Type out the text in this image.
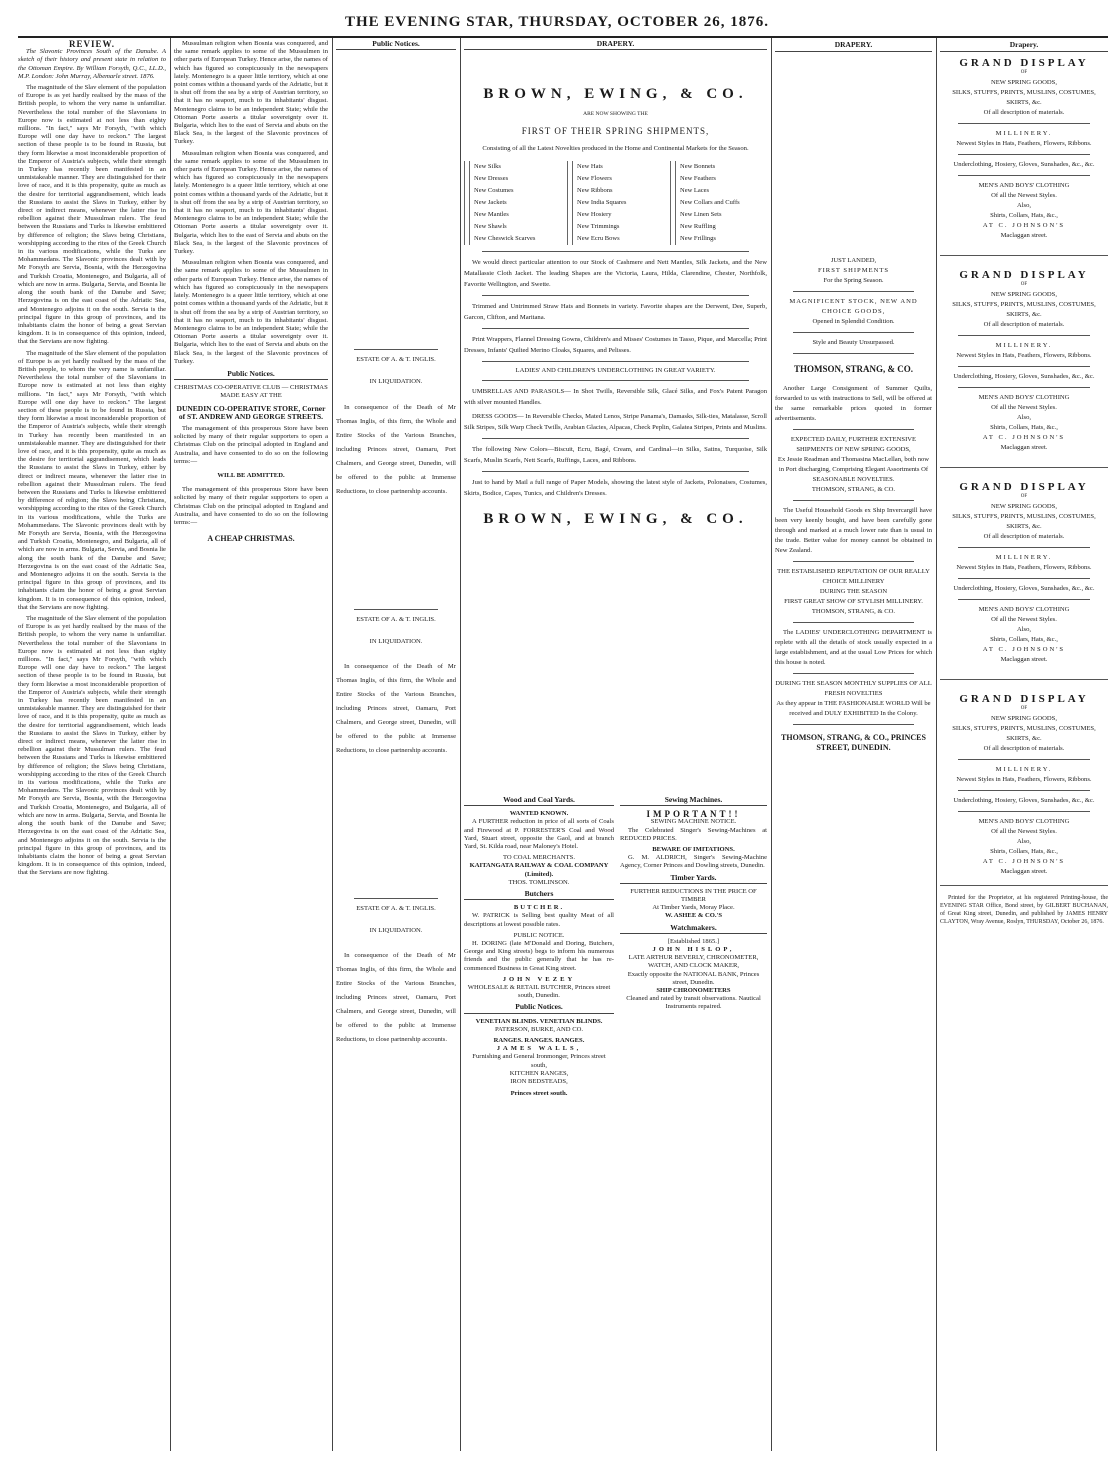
THE EVENING STAR, THURSDAY, OCTOBER 26, 1876.
REVIEW.

The Slavonic Provinces South of the Danube. A sketch of their history and present state in relation to the Ottoman Empire. By William Forsyth, Q.C., LL.D., M.P. London: John Murray, Albemarle street. 1876.

The magnitude of the Slav element of the population of Europe is as yet hardly realised by the mass of the British people, to whom the very name is unfamiliar. Nevertheless the total number of the Slavonians in Europe now is estimated at not less than eighty millions. "In fact," says Mr Forsyth, "with which Europe will one day have to reckon." The largest section of these people is to be found in Russia, but they form likewise a most inconsiderable proportion of the Emperor of Austria's subjects, while their strength in Turkey has recently been manifested in an unmistakeable manner. They are distinguished for their love of race, and it is this propensity, quite as much as the desire for territorial aggrandisement, which leads the Russians to assist the Slavs in Turkey, either by direct or indirect means, whenever the latter rise in rebellion against their Mussulman rulers. The feud between the Russians and Turks is likewise embittered by difference of religion; the Slavs being Christians, worshipping according to the rites of the Greek Church in its various modifications, while the Turks are Mohammedans. The Slavonic provinces dealt with by Mr Forsyth are Servia, Bosnia, with the Herzegovina and Turkish Croatia, Montenegro, and Bulgaria, all of which are now in arms. Bulgaria, Servia, and Bosnia lie along the south bank of the Danube and Save; Herzegovina is on the east coast of the Adriatic Sea, and Montenegro adjoins it on the south. Servia is the principal figure in this group of provinces, and its inhabitants claim the honor of being a great Servian kingdom. It is in consequence of this opinion, indeed, that the Servians are now fighting.

The magnitude of the Slav element of the population of Europe is as yet hardly realised by the mass of the British people, to whom the very name is unfamiliar. Nevertheless the total number of the Slavonians in Europe now is estimated at not less than eighty millions. "In fact," says Mr Forsyth, "with which Europe will one day have to reckon." The largest section of these people is to be found in Russia, but they form likewise a most inconsiderable proportion of the Emperor of Austria's subjects, while their strength in Turkey has recently been manifested in an unmistakeable manner. They are distinguished for their love of race, and it is this propensity, quite as much as the desire for territorial aggrandisement, which leads the Russians to assist the Slavs in Turkey, either by direct or indirect means, whenever the latter rise in rebellion against their Mussulman rulers. The feud between the Russians and Turks is likewise embittered by difference of religion; the Slavs being Christians, worshipping according to the rites of the Greek Church in its various modifications, while the Turks are Mohammedans. The Slavonic provinces dealt with by Mr Forsyth are Servia, Bosnia, with the Herzegovina and Turkish Croatia, Montenegro, and Bulgaria, all of which are now in arms. Bulgaria, Servia, and Bosnia lie along the south bank of the Danube and Save; Herzegovina is on the east coast of the Adriatic Sea, and Montenegro adjoins it on the south. Servia is the principal figure in this group of provinces, and its inhabitants claim the honor of being a great Servian kingdom. It is in consequence of this opinion, indeed, that the Servians are now fighting.

The magnitude of the Slav element of the population of Europe is as yet hardly realised by the mass of the British people, to whom the very name is unfamiliar. Nevertheless the total number of the Slavonians in Europe now is estimated at not less than eighty millions. "In fact," says Mr Forsyth, "with which Europe will one day have to reckon." The largest section of these people is to be found in Russia, but they form likewise a most inconsiderable proportion of the Emperor of Austria's subjects, while their strength in Turkey has recently been manifested in an unmistakeable manner. They are distinguished for their love of race, and it is this propensity, quite as much as the desire for territorial aggrandisement, which leads the Russians to assist the Slavs in Turkey, either by direct or indirect means, whenever the latter rise in rebellion against their Mussulman rulers. The feud between the Russians and Turks is likewise embittered by difference of religion; the Slavs being Christians, worshipping according to the rites of the Greek Church in its various modifications, while the Turks are Mohammedans. The Slavonic provinces dealt with by Mr Forsyth are Servia, Bosnia, with the Herzegovina and Turkish Croatia, Montenegro, and Bulgaria, all of which are now in arms. Bulgaria, Servia, and Bosnia lie along the south bank of the Danube and Save; Herzegovina is on the east coast of the Adriatic Sea, and Montenegro adjoins it on the south. Servia is the principal figure in this group of provinces, and its inhabitants claim the honor of being a great Servian kingdom. It is in consequence of this opinion, indeed, that the Servians are now fighting.

Mussulman religion when Bosnia was conquered, and the same remark applies to some of the Mussulmen in other parts of European Turkey. Hence arise, the names of which has figured so conspicuously in the newspapers lately. Montenegro is a queer little territory, which at one point comes within a thousand yards of the Adriatic, but it is shut off from the sea by a strip of Austrian territory, so that it has no seaport, much to its inhabitants' disgust. Montenegro claims to be an independent State; while the Ottoman Porte asserts a titular sovereignty over it. Bulgaria, which lies to the east of Servia and abuts on the Black Sea, is the largest of the Slavonic provinces of Turkey.

Mussulman religion when Bosnia was conquered, and the same remark applies to some of the Mussulmen in other parts of European Turkey. Hence arise, the names of which has figured so conspicuously in the newspapers lately. Montenegro is a queer little territory, which at one point comes within a thousand yards of the Adriatic, but it is shut off from the sea by a strip of Austrian territory, so that it has no seaport, much to its inhabitants' disgust. Montenegro claims to be an independent State; while the Ottoman Porte asserts a titular sovereignty over it. Bulgaria, which lies to the east of Servia and abuts on the Black Sea, is the largest of the Slavonic provinces of Turkey.

Mussulman religion when Bosnia was conquered, and the same remark applies to some of the Mussulmen in other parts of European Turkey. Hence arise, the names of which has figured so conspicuously in the newspapers lately. Montenegro is a queer little territory, which at one point comes within a thousand yards of the Adriatic, but it is shut off from the sea by a strip of Austrian territory, so that it has no seaport, much to its inhabitants' disgust. Montenegro claims to be an independent State; while the Ottoman Porte asserts a titular sovereignty over it. Bulgaria, which lies to the east of Servia and abuts on the Black Sea, is the largest of the Slavonic provinces of Turkey.

Public Notices.
CHRISTMAS CO-OPERATIVE CLUB — CHRISTMAS MADE EASY AT THE
DUNEDIN CO-OPERATIVE STORE, Corner of ST. ANDREW AND GEORGE STREETS.

The management of this prosperous Store have been solicited by many of their regular supporters to open a Christmas Club on the principal adopted in England and Australia, and have consented to do so on the following terms:—

WILL BE ADMITTED.

The management of this prosperous Store have been solicited by many of their regular supporters to open a Christmas Club on the principal adopted in England and Australia, and have consented to do so on the following terms:—

A CHEAP CHRISTMAS.
Public Notices.
ESTATE OF A. & T. INGLIS.
IN LIQUIDATION.

In consequence of the Death of Mr Thomas Inglis, of this firm, the Whole and Entire Stocks of the Various Branches, including Princes street, Oamaru, Port Chalmers, and George street, Dunedin, will be offered to the public at Immense Reductions, to close partnership accounts.

ESTATE OF A. & T. INGLIS.
IN LIQUIDATION.

In consequence of the Death of Mr Thomas Inglis, of this firm, the Whole and Entire Stocks of the Various Branches, including Princes street, Oamaru, Port Chalmers, and George street, Dunedin, will be offered to the public at Immense Reductions, to close partnership accounts.

ESTATE OF A. & T. INGLIS.
IN LIQUIDATION.

In consequence of the Death of Mr Thomas Inglis, of this firm, the Whole and Entire Stocks of the Various Branches, including Princes street, Oamaru, Port Chalmers, and George street, Dunedin, will be offered to the public at Immense Reductions, to close partnership accounts.

DRAPERY.
BROWN, EWING, & CO.
ARE NOW SHOWING THE
FIRST OF THEIR SPRING SHIPMENTS,
Consisting of all the Latest Novelties produced in the Home and Continental Markets for the Season.
New Silks
New Dresses
New Costumes
New Jackets
New Mantles
New Shawls
New Cheswick Scarves
New Hats
New Flowers
New Ribbons
New India Squares
New Hosiery
New Trimmings
New Ecru Bows
New Bonnets
New Feathers
New Laces
New Collars and Cuffs
New Linen Sets
New Ruffling
New Frillings

We would direct particular attention to our Stock of Cashmere and Nett Mantles, Silk Jackets, and the New Matallassie Cloth Jacket. The leading Shapes are the Victoria, Laura, Hilda, Clarendine, Chester, Northfolk, Favorite Wellington, and Swette.

Trimmed and Untrimmed Straw Hats and Bonnets in variety. Favorite shapes are the Derwent, Dee, Superb, Garcon, Clifton, and Maritana.

Print Wrappers, Flannel Dressing Gowns, Children's and Misses' Costumes in Tasso, Pique, and Marcella; Print Dresses, Infants' Quilted Merino Cloaks, Squares, and Pelisses.

LADIES' AND CHILDREN'S UNDERCLOTHING IN GREAT VARIETY.

UMBRELLAS AND PARASOLS— In Shot Twills, Reversible Silk, Glacé Silks, and Fox's Patent Paragon with silver mounted Handles.

DRESS GOODS— In Reversible Checks, Mated Lenos, Stripe Panama's, Damasks, Silk-ties, Matalasse, Scroll Silk Stripes, Silk Warp Check Twills, Arabian Glacies, Alpacas, Check Peplin, Galatea Stripes, Prints and Muslins.

The following New Colors—Biscuit, Ecru, Bagé, Cream, and Cardinal—in Silks, Satins, Turquoise, Silk Scarfs, Muslin Scarfs, Nett Scarfs, Ruffings, Laces, and Ribbons.

Just to hand by Mail a full range of Paper Models, showing the latest style of Jackets, Polonaises, Costumes, Skirts, Bodice, Capes, Tunics, and Children's Dresses.

BROWN, EWING, & CO.
Wood and Coal Yards.
WANTED KNOWN.

A FURTHER reduction in price of all sorts of Coals and Firewood at P. FORRESTER'S Coal and Wood Yard, Stuart street, opposite the Gaol, and at branch Yard, St. Kilda road, near Maloney's Hotel.

TO COAL MERCHANTS.
KAITANGATA RAILWAY & COAL COMPANY (Limited).
THOS. TOMLINSON.
Butchers
BUTCHER.

W. PATRICK is Selling best quality Meat of all descriptions at lowest possible rates.

PUBLIC NOTICE.

H. DORING (late M'Donald and Doring, Butchers, George and King streets) begs to inform his numerous friends and the public generally that he has re-commenced Business in Great King street.

JOHN VEZEY
WHOLESALE & RETAIL BUTCHER, Princes street south, Dunedin.
Public Notices.
VENETIAN BLINDS. VENETIAN BLINDS.
PATERSON, BURKE, AND CO.
RANGES. RANGES. RANGES.
JAMES WALLS,
Furnishing and General Ironmonger, Princes street south,
KITCHEN RANGES,
IRON BEDSTEADS,
Princes street south.
Sewing Machines.
IMPORTANT!!
SEWING MACHINE NOTICE.

The Celebrated Singer's Sewing-Machines at REDUCED PRICES.

BEWARE OF IMITATIONS.

G. M. ALDRICH, Singer's Sewing-Machine Agency, Corner Princes and Dowling streets, Dunedin.

Timber Yards.
FURTHER REDUCTIONS IN THE PRICE OF TIMBER
At Timber Yards, Moray Place.
W. ASHEE & CO.'S
Watchmakers.
[Established 1865.]
JOHN HISLOP,
LATE ARTHUR BEVERLY, CHRONOMETER, WATCH, AND CLOCK MAKER,
Exactly opposite the NATIONAL BANK, Princes street, Dunedin.
SHIP CHRONOMETERS
Cleaned and rated by transit observations. Nautical Instruments repaired.
DRAPERY.
JUST LANDED,
FIRST SHIPMENTS
For the Spring Season.
MAGNIFICENT STOCK, NEW AND CHOICE GOODS,
Opened in Splendid Condition.
Style and Beauty Unsurpassed.
THOMSON, STRANG, & CO.

Another Large Consignment of Summer Quilts, forwarded to us with instructions to Sell, will be offered at the same remarkable prices quoted in former advertisements.

EXPECTED DAILY, FURTHER EXTENSIVE SHIPMENTS OF NEW SPRING GOODS,
Ex Jessie Readman and Thomasina MacLellan, both now in Port discharging, Comprising Elegant Assortments Of SEASONABLE NOVELTIES.
THOMSON, STRANG, & CO.

The Useful Household Goods ex Ship Invercargill have been very keenly bought, and have been carefully gone through and marked at a much lower rate than is usual in the trade. Better value for money cannot be obtained in New Zealand.

THE ESTABLISHED REPUTATION OF OUR REALLY CHOICE MILLINERY
DURING THE SEASON
FIRST GREAT SHOW OF STYLISH MILLINERY.
THOMSON, STRANG, & CO.

The LADIES' UNDERCLOTHING DEPARTMENT is replete with all the details of stock usually expected in a large establishment, and at the usual Low Prices for which this house is noted.

DURING THE SEASON MONTHLY SUPPLIES OF ALL FRESH NOVELTIES
As they appear in THE FASHIONABLE WORLD Will be received and DULY EXHIBITED In the Colony.
THOMSON, STRANG, & CO., PRINCES STREET, DUNEDIN.
Drapery.
GRAND DISPLAY
OF
NEW SPRING GOODS,
SILKS, STUFFS, PRINTS, MUSLINS, COSTUMES, SKIRTS, &c.
Of all description of materials.
MILLINERY.
Newest Styles in Hats, Feathers, Flowers, Ribbons.
Underclothing, Hosiery, Gloves, Sunshades, &c., &c.
MEN'S AND BOYS' CLOTHING
Of all the Newest Styles.
Also,
Shirts, Collars, Hats, &c.,
AT C. JOHNSON'S
Maclaggan street.
GRAND DISPLAY
OF
NEW SPRING GOODS,
SILKS, STUFFS, PRINTS, MUSLINS, COSTUMES, SKIRTS, &c.
Of all description of materials.
MILLINERY.
Newest Styles in Hats, Feathers, Flowers, Ribbons.
Underclothing, Hosiery, Gloves, Sunshades, &c., &c.
MEN'S AND BOYS' CLOTHING
Of all the Newest Styles.
Also,
Shirts, Collars, Hats, &c.,
AT C. JOHNSON'S
Maclaggan street.
GRAND DISPLAY
OF
NEW SPRING GOODS,
SILKS, STUFFS, PRINTS, MUSLINS, COSTUMES, SKIRTS, &c.
Of all description of materials.
MILLINERY.
Newest Styles in Hats, Feathers, Flowers, Ribbons.
Underclothing, Hosiery, Gloves, Sunshades, &c., &c.
MEN'S AND BOYS' CLOTHING
Of all the Newest Styles.
Also,
Shirts, Collars, Hats, &c.,
AT C. JOHNSON'S
Maclaggan street.
GRAND DISPLAY
OF
NEW SPRING GOODS,
SILKS, STUFFS, PRINTS, MUSLINS, COSTUMES, SKIRTS, &c.
Of all description of materials.
MILLINERY.
Newest Styles in Hats, Feathers, Flowers, Ribbons.
Underclothing, Hosiery, Gloves, Sunshades, &c., &c.
MEN'S AND BOYS' CLOTHING
Of all the Newest Styles.
Also,
Shirts, Collars, Hats, &c.,
AT C. JOHNSON'S
Maclaggan street.

Printed for the Proprietor, at his registered Printing-house, the EVENING STAR Office, Bond street, by GILBERT BUCHANAN, of Great King street, Dunedin, and published by JAMES HENRY CLAYTON, Wray Avenue, Roslyn, THURSDAY, October 26, 1876.
